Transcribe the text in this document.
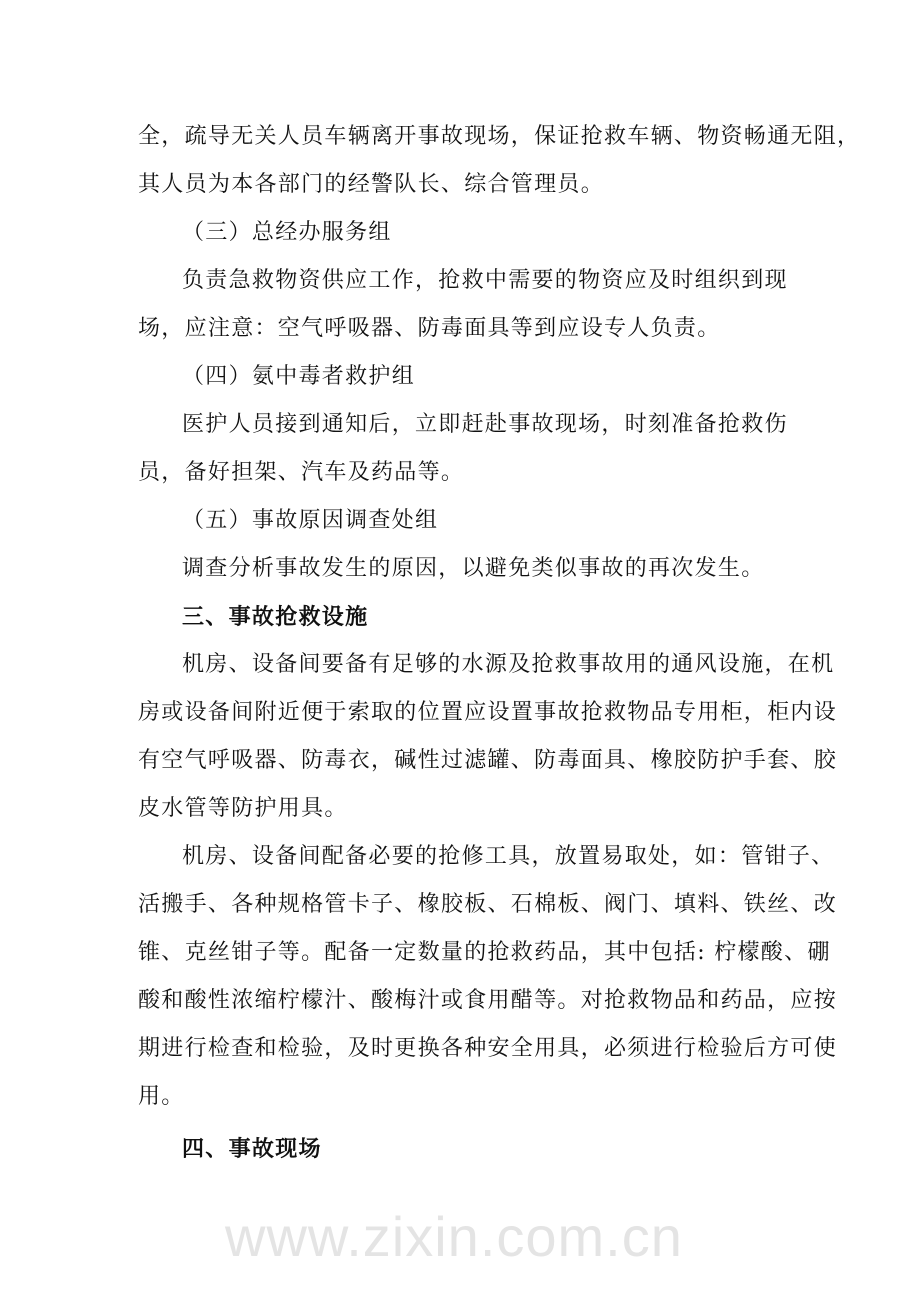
www.zixin.com.cn
全，疏导无关人员车辆离开事故现场，保证抢救车辆、物资畅通无阻，
其人员为本各部门的经警队长、综合管理员。
（三）总经办服务组
负责急救物资供应工作，抢救中需要的物资应及时组织到现
场，应注意：空气呼吸器、防毒面具等到应设专人负责。
（四）氨中毒者救护组
医护人员接到通知后，立即赶赴事故现场，时刻准备抢救伤
员，备好担架、汽车及药品等。
（五）事故原因调查处组
调查分析事故发生的原因，以避免类似事故的再次发生。
三、事故抢救设施
机房、设备间要备有足够的水源及抢救事故用的通风设施，在机
房或设备间附近便于索取的位置应设置事故抢救物品专用柜，柜内设
有空气呼吸器、防毒衣，碱性过滤罐、防毒面具、橡胶防护手套、胶
皮水管等防护用具。
机房、设备间配备必要的抢修工具，放置易取处，如：管钳子、
活搬手、各种规格管卡子、橡胶板、石棉板、阀门、填料、铁丝、改
锥、克丝钳子等。配备一定数量的抢救药品，其中包括: 柠檬酸、硼
酸和酸性浓缩柠檬汁、酸梅汁或食用醋等。对抢救物品和药品，应按
期进行检查和检验，及时更换各种安全用具，必须进行检验后方可使
用。
四、事故现场
